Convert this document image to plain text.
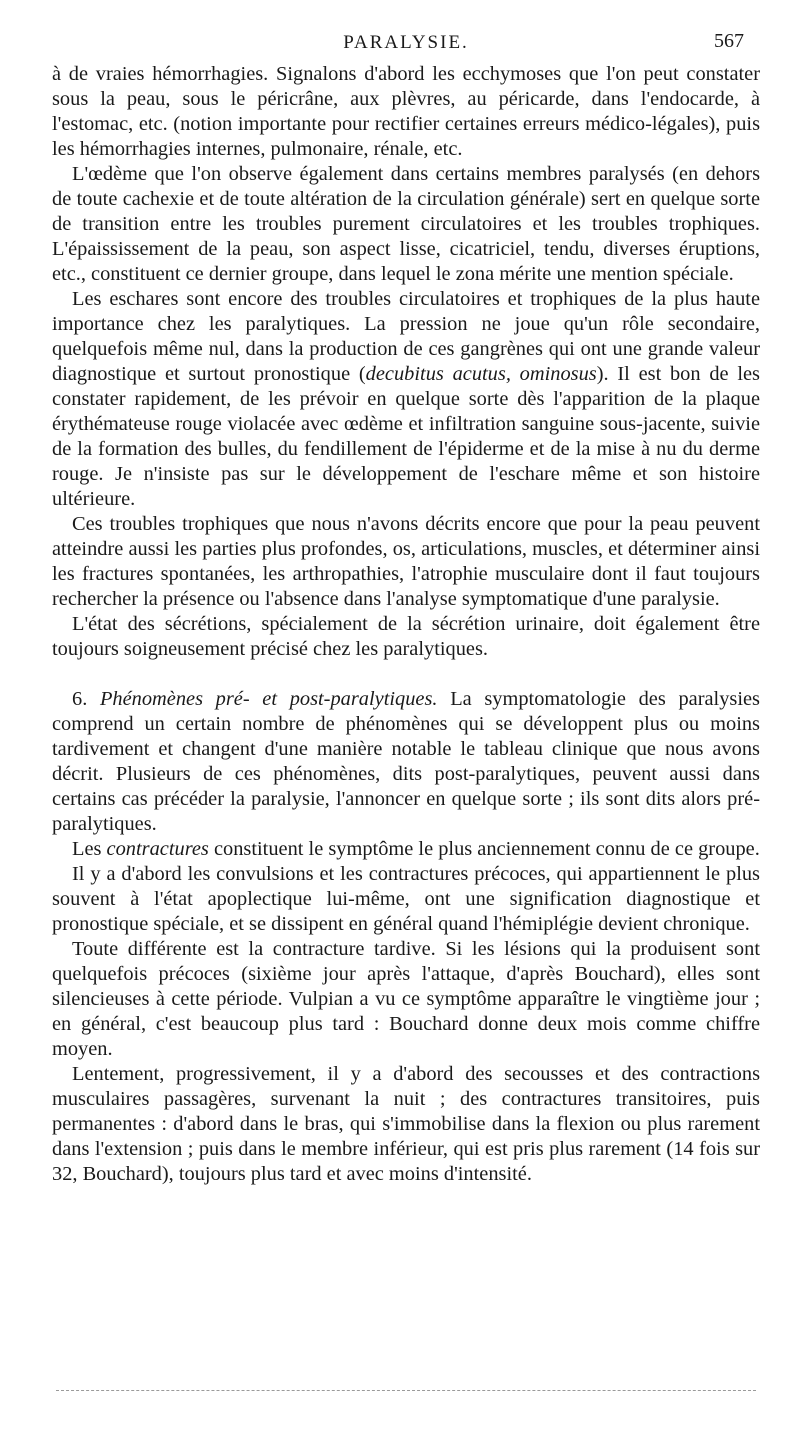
PARALYSIE.	567

à de vraies hémorrhagies. Signalons d'abord les ecchymoses que l'on peut constater sous la peau, sous le péricrâne, aux plèvres, au péricarde, dans l'endocarde, à l'estomac, etc. (notion importante pour rectifier certaines erreurs médico-légales), puis les hémorrhagies internes, pulmonaire, rénale, etc.

L'œdème que l'on observe également dans certains membres paralysés (en dehors de toute cachexie et de toute altération de la circulation générale) sert en quelque sorte de transition entre les troubles purement circulatoires et les troubles trophiques. L'épaississement de la peau, son aspect lisse, cicatriciel, tendu, diverses éruptions, etc., constituent ce dernier groupe, dans lequel le zona mérite une mention spéciale.

Les eschares sont encore des troubles circulatoires et trophiques de la plus haute importance chez les paralytiques. La pression ne joue qu'un rôle secondaire, quelquefois même nul, dans la production de ces gangrènes qui ont une grande valeur diagnostique et surtout pronostique (decubitus acutus, ominosus). Il est bon de les constater rapidement, de les prévoir en quelque sorte dès l'apparition de la plaque érythémateuse rouge violacée avec œdème et infiltration sanguine sous-jacente, suivie de la formation des bulles, du fendillement de l'épiderme et de la mise à nu du derme rouge. Je n'insiste pas sur le développement de l'eschare même et son histoire ultérieure.

Ces troubles trophiques que nous n'avons décrits encore que pour la peau peuvent atteindre aussi les parties plus profondes, os, articulations, muscles, et déterminer ainsi les fractures spontanées, les arthropathies, l'atrophie musculaire dont il faut toujours rechercher la présence ou l'absence dans l'analyse symptomatique d'une paralysie.

L'état des sécrétions, spécialement de la sécrétion urinaire, doit également être toujours soigneusement précisé chez les paralytiques.

6. Phénomènes pré- et post-paralytiques. La symptomatologie des paralysies comprend un certain nombre de phénomènes qui se développent plus ou moins tardivement et changent d'une manière notable le tableau clinique que nous avons décrit. Plusieurs de ces phénomènes, dits post-paralytiques, peuvent aussi dans certains cas précéder la paralysie, l'annoncer en quelque sorte ; ils sont dits alors pré-paralytiques.

Les contractures constituent le symptôme le plus anciennement connu de ce groupe.

Il y a d'abord les convulsions et les contractures précoces, qui appartiennent le plus souvent à l'état apoplectique lui-même, ont une signification diagnostique et pronostique spéciale, et se dissipent en général quand l'hémiplégie devient chronique.

Toute différente est la contracture tardive. Si les lésions qui la produisent sont quelquefois précoces (sixième jour après l'attaque, d'après Bouchard), elles sont silencieuses à cette période. Vulpian a vu ce symptôme apparaître le vingtième jour ; en général, c'est beaucoup plus tard : Bouchard donne deux mois comme chiffre moyen.

Lentement, progressivement, il y a d'abord des secousses et des contractions musculaires passagères, survenant la nuit ; des contractures transitoires, puis permanentes : d'abord dans le bras, qui s'immobilise dans la flexion ou plus rarement dans l'extension ; puis dans le membre inférieur, qui est pris plus rarement (14 fois sur 32, Bouchard), toujours plus tard et avec moins d'intensité.
